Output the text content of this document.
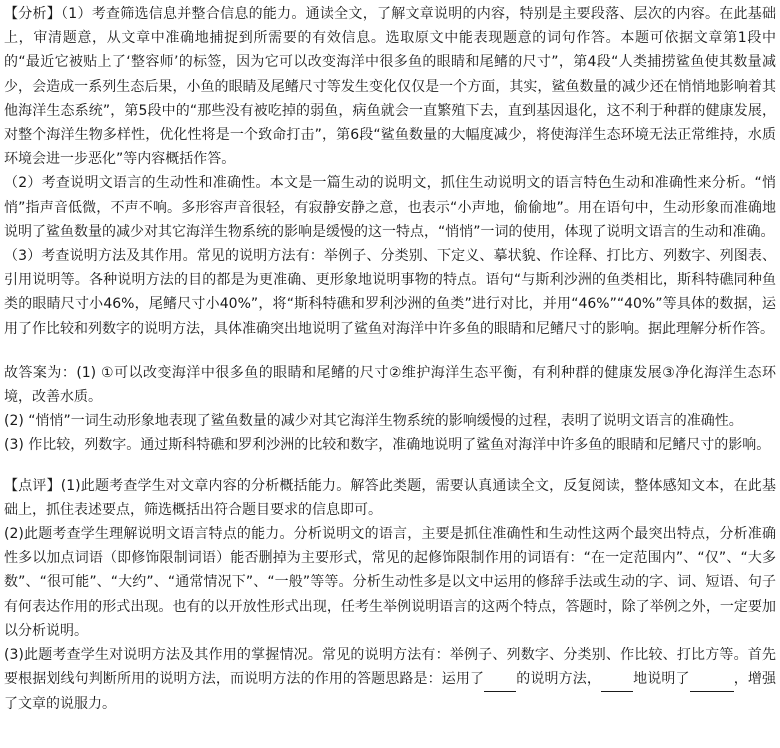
【分析】（1）考查筛选信息并整合信息的能力。通读全文，了解文章说明的内容，特别是主要段落、层次的内容。在此基础上，审清题意，从文章中准确地捕捉到所需要的有效信息。选取原文中能表现题意的词句作答。本题可依据文章第1段中的“最近它被贴上了‘整容师’的标签，因为它可以改变海洋中很多鱼的眼睛和尾鳍的尺寸”，第4段“人类捕捞鲨鱼使其数量减少，会造成一系列生态后果，小鱼的眼睛及尾鳍尺寸等发生变化仅仅是一个方面，其实，鲨鱼数量的减少还在悄悄地影响着其他海洋生态系统”，第5段中的“那些没有被吃掉的弱鱼，病鱼就会一直繁殖下去，直到基因退化，这不利于种群的健康发展，对整个海洋生物多样性，优化性将是一个致命打击”，第6段“鲨鱼数量的大幅度减少，将使海洋生态环境无法正常维持，水质环境会进一步恶化”等内容概括作答。

（2）考查说明文语言的生动性和准确性。本文是一篇生动的说明文，抓住生动说明文的语言特色生动和准确性来分析。“悄悄”指声音低微，不声不响。多形容声音很轻，有寂静安静之意，也表示“小声地，偷偷地”。用在语句中，生动形象而准确地说明了鲨鱼数量的减少对其它海洋生物系统的影响是缓慢的这一特点，“悄悄”一词的使用，体现了说明文语言的生动和准确。

（3）考查说明方法及其作用。常见的说明方法有：举例子、分类别、下定义、摹状貌、作诠释、打比方、列数字、列图表、引用说明等。各种说明方法的目的都是为更准确、更形象地说明事物的特点。语句“与斯利沙洲的鱼类相比，斯科特礁同种鱼类的眼睛尺寸小46%，尾鳍尺寸小40%”，将“斯科特礁和罗利沙洲的鱼类”进行对比，并用“46%”“40%”等具体的数据，运用了作比较和列数字的说明方法，具体准确突出地说明了鲨鱼对海洋中许多鱼的眼睛和尼鳍尺寸的影响。据此理解分析作答。

故答案为：(1) ①可以改变海洋中很多鱼的眼睛和尾鳍的尺寸②维护海洋生态平衡，有利种群的健康发展③净化海洋生态环境，改善水质。

(2) “悄悄”一词生动形象地表现了鲨鱼数量的减少对其它海洋生物系统的影响缓慢的过程，表明了说明文语言的准确性。

(3) 作比较，列数字。通过斯科特礁和罗利沙洲的比较和数字，准确地说明了鲨鱼对海洋中许多鱼的眼睛和尼鳍尺寸的影响。

【点评】(1)此题考查学生对文章内容的分析概括能力。解答此类题，需要认真通读全文，反复阅读，整体感知文本，在此基础上，抓住表述要点，筛选概括出符合题目要求的信息即可。

(2)此题考查学生理解说明文语言特点的能力。分析说明文的语言，主要是抓住准确性和生动性这两个最突出特点，分析准确性多以加点词语（即修饰限制词语）能否删掉为主要形式，常见的起修饰限制作用的词语有：“在一定范围内”、“仅”、“大多数”、“很可能”、“大约”、“通常情况下”、“一般”等等。分析生动性多是以文中运用的修辞手法或生动的字、词、短语、句子有何表达作用的形式出现。也有的以开放性形式出现，任考生举例说明语言的这两个特点，答题时，除了举例之外，一定要加以分析说明。

(3)此题考查学生对说明方法及其作用的掌握情况。常见的说明方法有：举例子、列数字、分类别、作比较、打比方等。首先要根据划线句判断所用的说明方法，而说明方法的作用的答题思路是：运用了 的说明方法， 地说明了	，增强了文章的说服力。
